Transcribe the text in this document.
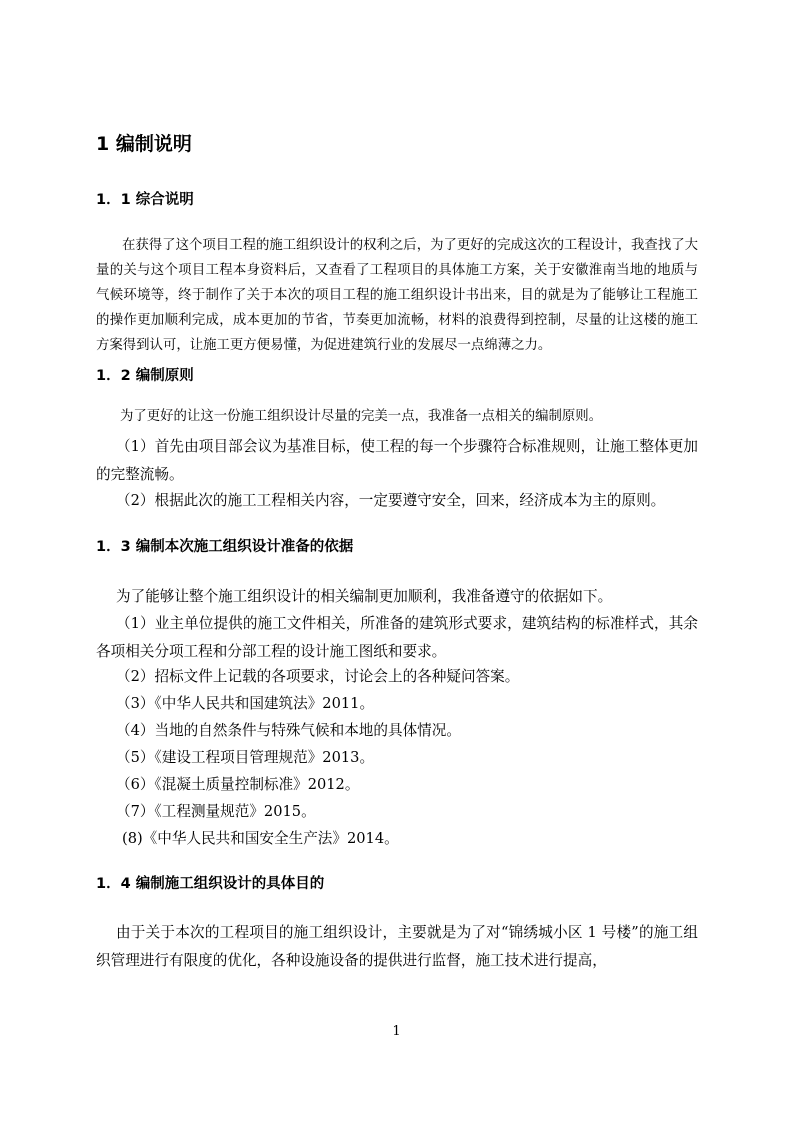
1 编制说明
1．1 综合说明

在获得了这个项目工程的施工组织设计的权利之后，为了更好的完成这次的工程设计，我查找了大量的关与这个项目工程本身资料后，又查看了工程项目的具体施工方案，关于安徽淮南当地的地质与气候环境等，终于制作了关于本次的项目工程的施工组织设计书出来，目的就是为了能够让工程施工的操作更加顺利完成，成本更加的节省，节奏更加流畅，材料的浪费得到控制，尽量的让这楼的施工方案得到认可，让施工更方便易懂，为促进建筑行业的发展尽一点绵薄之力。

1．2 编制原则

为了更好的让这一份施工组织设计尽量的完美一点，我准备一点相关的编制原则。

（1）首先由项目部会议为基准目标，使工程的每一个步骤符合标准规则，让施工整体更加的完整流畅。

（2）根据此次的施工工程相关内容，一定要遵守安全，回来，经济成本为主的原则。

1．3 编制本次施工组织设计准备的依据

为了能够让整个施工组织设计的相关编制更加顺利，我准备遵守的依据如下。

（1）业主单位提供的施工文件相关，所准备的建筑形式要求，建筑结构的标准样式，其余各项相关分项工程和分部工程的设计施工图纸和要求。

（2）招标文件上记载的各项要求，讨论会上的各种疑问答案。

（3）《中华人民共和国建筑法》2011。

（4）当地的自然条件与特殊气候和本地的具体情况。

（5）《建设工程项目管理规范》2013。

（6）《混凝土质量控制标准》2012。

（7）《工程测量规范》2015。

(8)《中华人民共和国安全生产法》2014。

1．4 编制施工组织设计的具体目的

由于关于本次的工程项目的施工组织设计，主要就是为了对“锦绣城小区 1 号楼”的施工组织管理进行有限度的优化，各种设施设备的提供进行监督，施工技术进行提高，

1
